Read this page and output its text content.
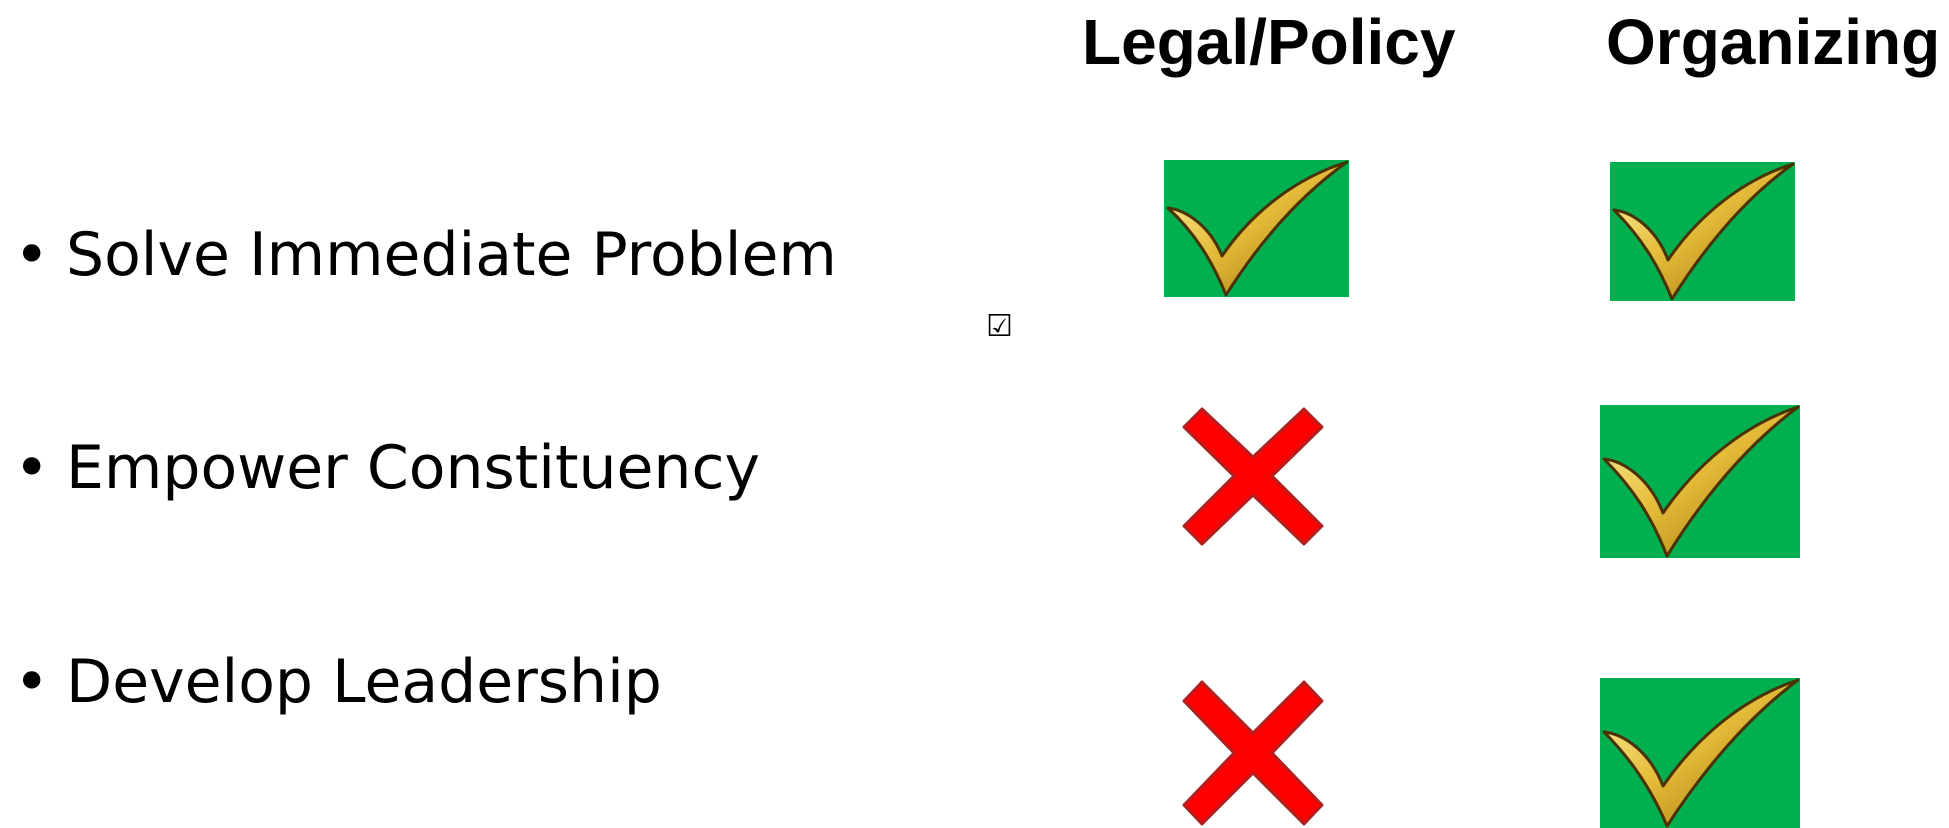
Legal/Policy Organizing
• Solve Immediate Problem
• Empower Constituency
• Develop Leadership
☑
